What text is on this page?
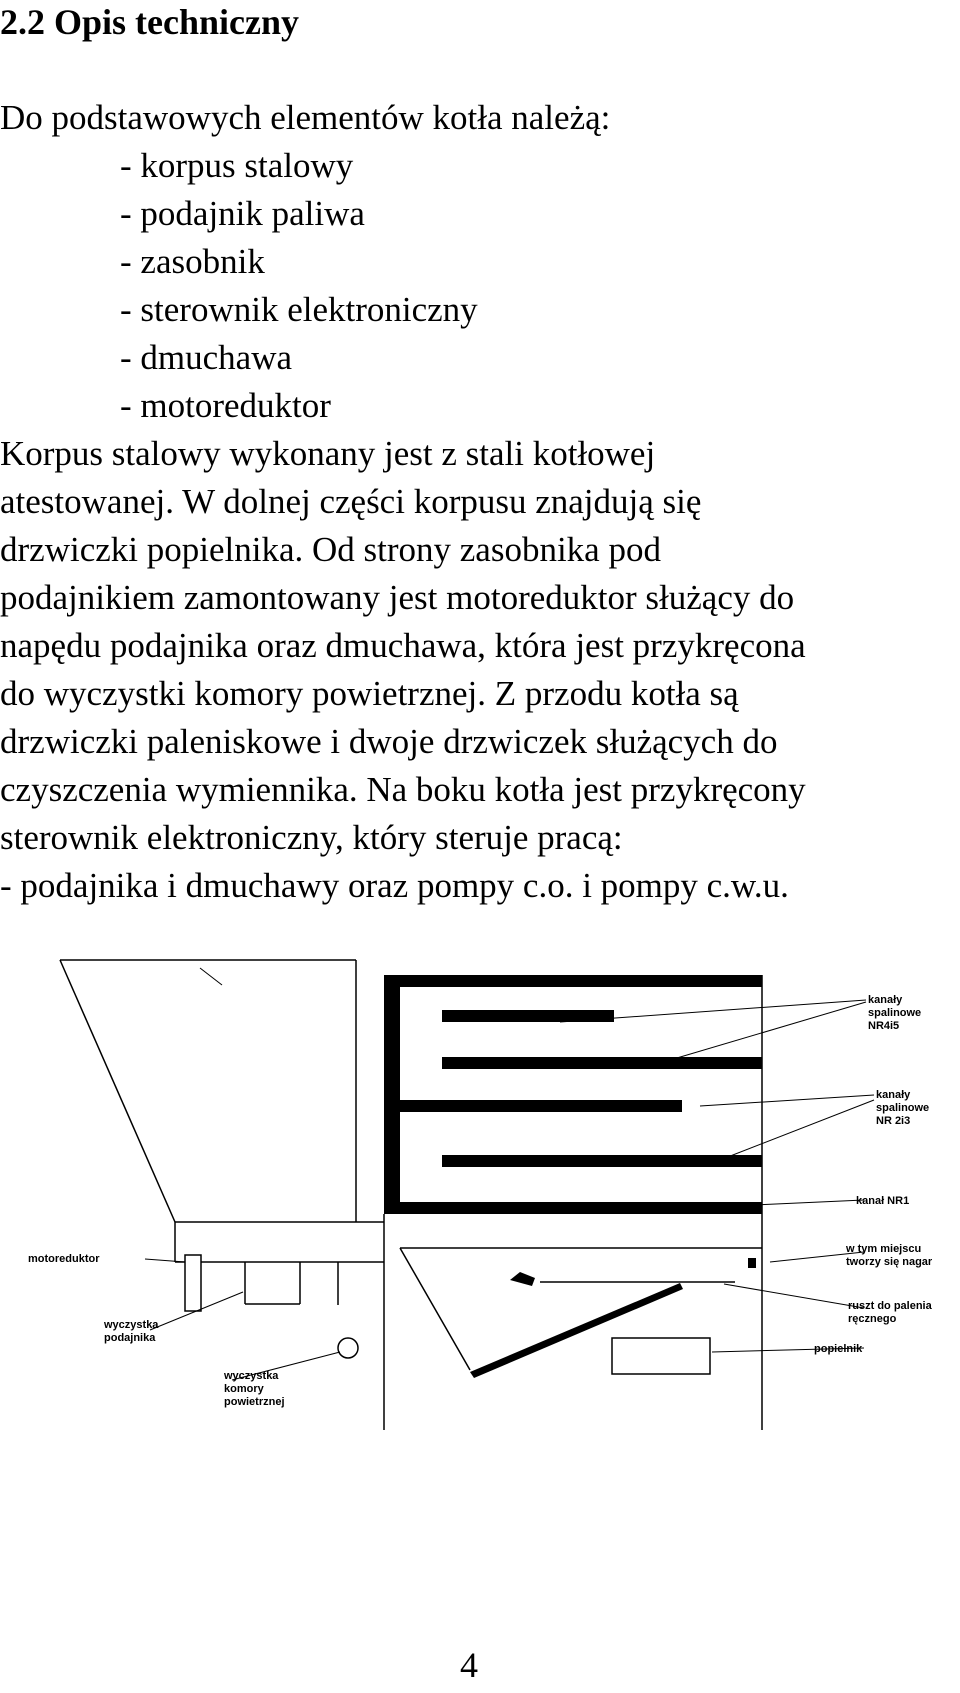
2.2 Opis techniczny
Do podstawowych elementów kotła należą:
- korpus stalowy
- podajnik paliwa
- zasobnik
- sterownik elektroniczny
- dmuchawa
- motoreduktor
Korpus stalowy wykonany jest z stali kotłowej
atestowanej. W dolnej części korpusu znajdują się
drzwiczki popielnika. Od strony zasobnika pod
podajnikiem zamontowany jest motoreduktor służący do
napędu podajnika oraz dmuchawa, która jest przykręcona
do wyczystki komory powietrznej. Z przodu kotła są
drzwiczki paleniskowe i dwoje drzwiczek służących do
czyszczenia wymiennika. Na boku kotła jest przykręcony
sterownik elektroniczny, który steruje pracą:
- podajnika i dmuchawy oraz pompy c.o. i pompy c.w.u.
kanały
spalinowe
NR4i5
kanały
spalinowe
NR 2i3
kanał NR1
w tym miejscu
tworzy się nagar
ruszt do palenia
ręcznego
popielnik
motoreduktor
wyczystka
podajnika
wyczystka
komory
powietrznej
4
